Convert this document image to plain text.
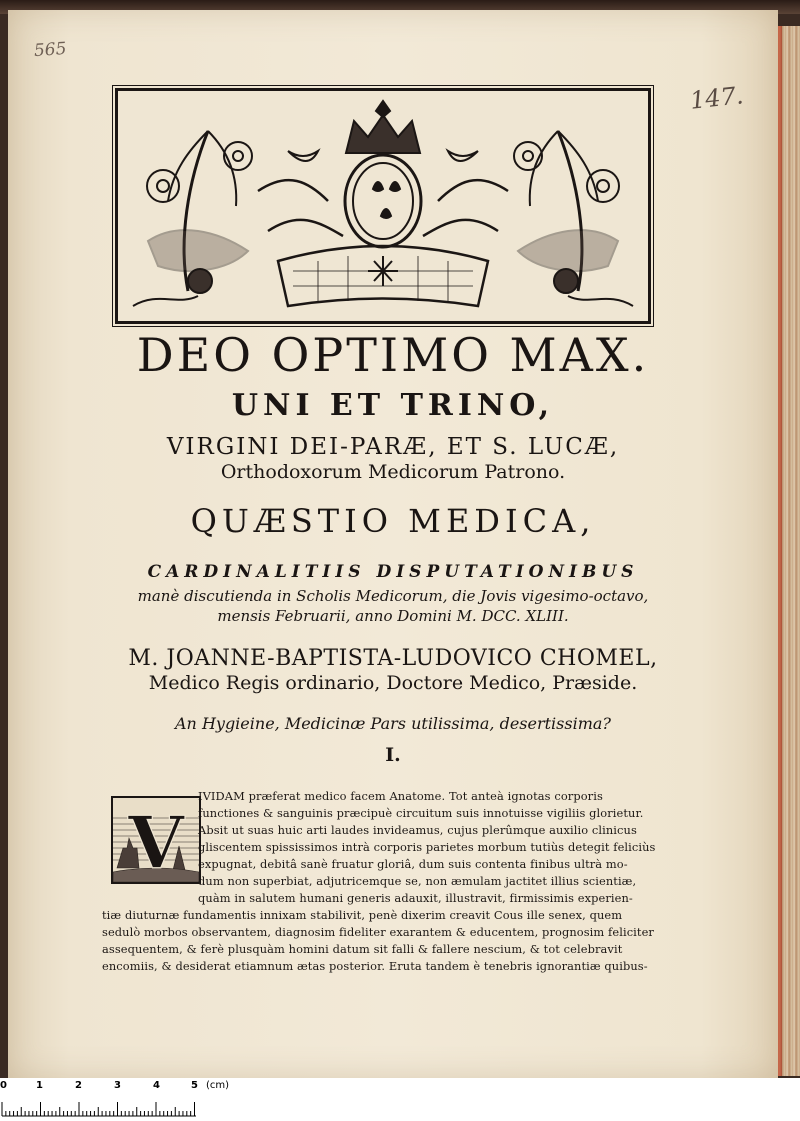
565
147.
DEO OPTIMO MAX.
UNI ET TRINO,
VIRGINI DEI-PARÆ, ET S. LUCÆ,
Orthodoxorum Medicorum Patrono.
QUÆSTIO MEDICA,
CARDINALITIIS DISPUTATIONIBUS
manè discutienda in Scholis Medicorum, die Jovis vigesimo-octavo,
mensis Februarii, anno Domini M. DCC. XLIII.
M. JOANNE-BAPTISTA-LUDOVICO CHOMEL,
Medico Regis ordinario, Doctore Medico, Præside.
An Hygieine, Medicinæ Pars utilissima, desertissima?
I.
V
IVIDAM præferat medico facem Anatome. Tot anteà ignotas corporis
functiones & sanguinis præcipuè circuitum suis innotuisse vigiliis glorietur.
Absit ut suas huic arti laudes invideamus, cujus plerûmque auxilio clinicus
gliscentem spississimos intrà corporis parietes morbum tutiùs detegit feliciùs
expugnat, debitâ sanè fruatur gloriâ, dum suis contenta finibus ultrà mo-
dum non superbiat, adjutricemque se, non æmulam jactitet illius scientiæ,
quàm in salutem humani generis adauxit, illustravit, firmissimis experien-
tiæ diuturnæ fundamentis innixam stabilivit, penè dixerim creavit Cous ille senex, quem
sedulò morbos observantem, diagnosim fideliter exarantem & educentem, prognosim feliciter
assequentem, & ferè plusquàm homini datum sit falli & fallere nescium, & tot celebravit
encomiis, & desiderat etiamnum ætas posterior. Eruta tandem è tenebris ignorantiæ quibus-
0	1	2	3	4	5 (cm)
